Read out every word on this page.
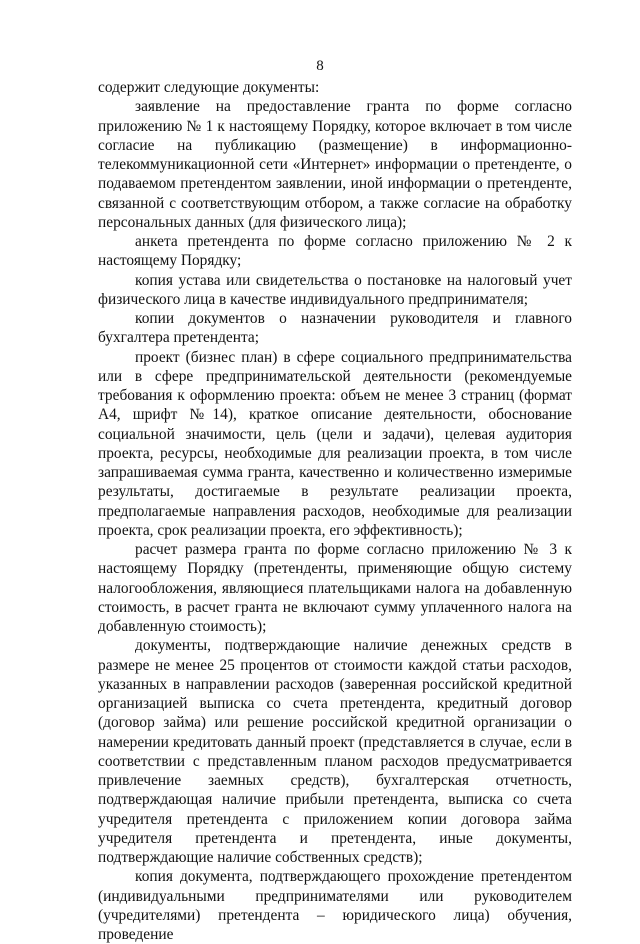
8

содержит следующие документы:

заявление на предоставление гранта по форме согласно приложению № 1 к настоящему Порядку, которое включает в том числе согласие на публикацию (размещение) в информационно-телекоммуникационной сети «Интернет» информации о претенденте, о подаваемом претендентом заявлении, иной информации о претенденте, связанной с соответствующим отбором, а также согласие на обработку персональных данных (для физического лица);

анкета претендента по форме согласно приложению № 2 к настоящему Порядку;

копия устава или свидетельства о постановке на налоговый учет физического лица в качестве индивидуального предпринимателя;

копии документов о назначении руководителя и главного бухгалтера претендента;

проект (бизнес план) в сфере социального предпринимательства или в сфере предпринимательской деятельности (рекомендуемые требования к оформлению проекта: объем не менее 3 страниц (формат А4, шрифт №14), краткое описание деятельности, обоснование социальной значимости, цель (цели и задачи), целевая аудитория проекта, ресурсы, необходимые для реализации проекта, в том числе запрашиваемая сумма гранта, качественно и количественно измеримые результаты, достигаемые в результате реализации проекта, предполагаемые направления расходов, необходимые для реализации проекта, срок реализации проекта, его эффективность);

расчет размера гранта по форме согласно приложению № 3 к настоящему Порядку (претенденты, применяющие общую систему налогообложения, являющиеся плательщиками налога на добавленную стоимость, в расчет гранта не включают сумму уплаченного налога на добавленную стоимость);

документы, подтверждающие наличие денежных средств в размере не менее 25 процентов от стоимости каждой статьи расходов, указанных в направлении расходов (заверенная российской кредитной организацией выписка со счета претендента, кредитный договор (договор займа) или решение российской кредитной организации о намерении кредитовать данный проект (представляется в случае, если в соответствии с представленным планом расходов предусматривается привлечение заемных средств), бухгалтерская отчетность, подтверждающая наличие прибыли претендента, выписка со счета учредителя претендента с приложением копии договора займа учредителя претендента и претендента, иные документы, подтверждающие наличие собственных средств);

копия документа, подтверждающего прохождение претендентом (индивидуальными предпринимателями или руководителем (учредителями) претендента – юридического лица) обучения, проведение
